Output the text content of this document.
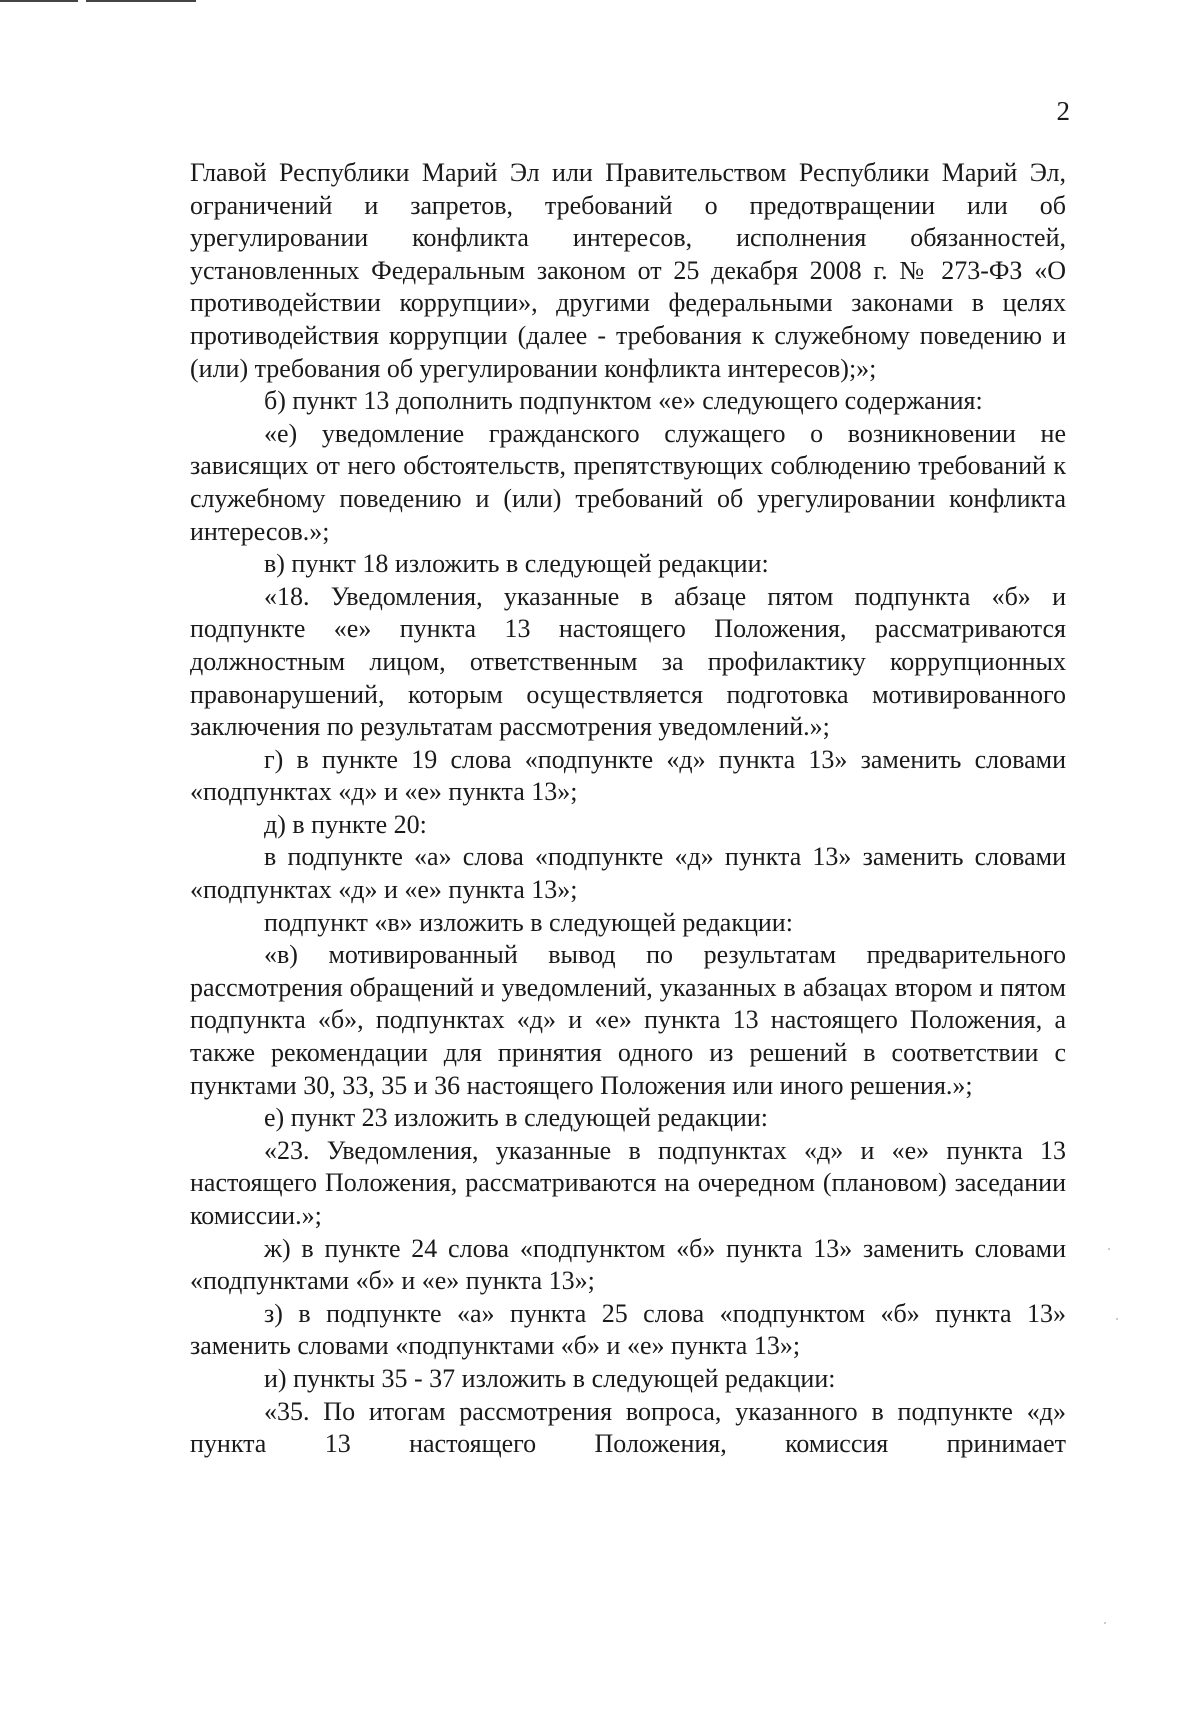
2

Главой Республики Марий Эл или Правительством Республики Марий Эл, ограничений и запретов, требований о предотвращении или об урегулировании конфликта интересов, исполнения обязанностей, установленных Федеральным законом от 25 декабря 2008 г. № 273-ФЗ «О противодействии коррупции», другими федеральными законами в целях противодействия коррупции (далее - требования к служебному поведению и (или) требования об урегулировании конфликта интересов);»;

б) пункт 13 дополнить подпунктом «е» следующего содержания:

«е) уведомление гражданского служащего о возникновении не зависящих от него обстоятельств, препятствующих соблюдению требований к служебному поведению и (или) требований об урегулировании конфликта интересов.»;

в) пункт 18 изложить в следующей редакции:

«18. Уведомления, указанные в абзаце пятом подпункта «б» и подпункте «е» пункта 13 настоящего Положения, рассматриваются должностным лицом, ответственным за профилактику коррупционных правонарушений, которым осуществляется подготовка мотивированного заключения по результатам рассмотрения уведомлений.»;

г) в пункте 19 слова «подпункте «д» пункта 13» заменить словами «подпунктах «д» и «е» пункта 13»;

д) в пункте 20:

в подпункте «а» слова «подпункте «д» пункта 13» заменить словами «подпунктах «д» и «е» пункта 13»;

подпункт «в» изложить в следующей редакции:

«в) мотивированный вывод по результатам предварительного рассмотрения обращений и уведомлений, указанных в абзацах втором и пятом подпункта «б», подпунктах «д» и «е» пункта 13 настоящего Положения, а также рекомендации для принятия одного из решений в соответствии с пунктами 30, 33, 35 и 36 настоящего Положения или иного решения.»;

е) пункт 23 изложить в следующей редакции:

«23. Уведомления, указанные в подпунктах «д» и «е» пункта 13 настоящего Положения, рассматриваются на очередном (плановом) заседании комиссии.»;

ж) в пункте 24 слова «подпунктом «б» пункта 13» заменить словами «подпунктами «б» и «е» пункта 13»;

з) в подпункте «а» пункта 25 слова «подпунктом «б» пункта 13» заменить словами «подпунктами «б» и «е» пункта 13»;

и) пункты 35 - 37 изложить в следующей редакции:

«35. По итогам рассмотрения вопроса, указанного в подпункте «д» пункта 13 настоящего Положения, комиссия принимает
